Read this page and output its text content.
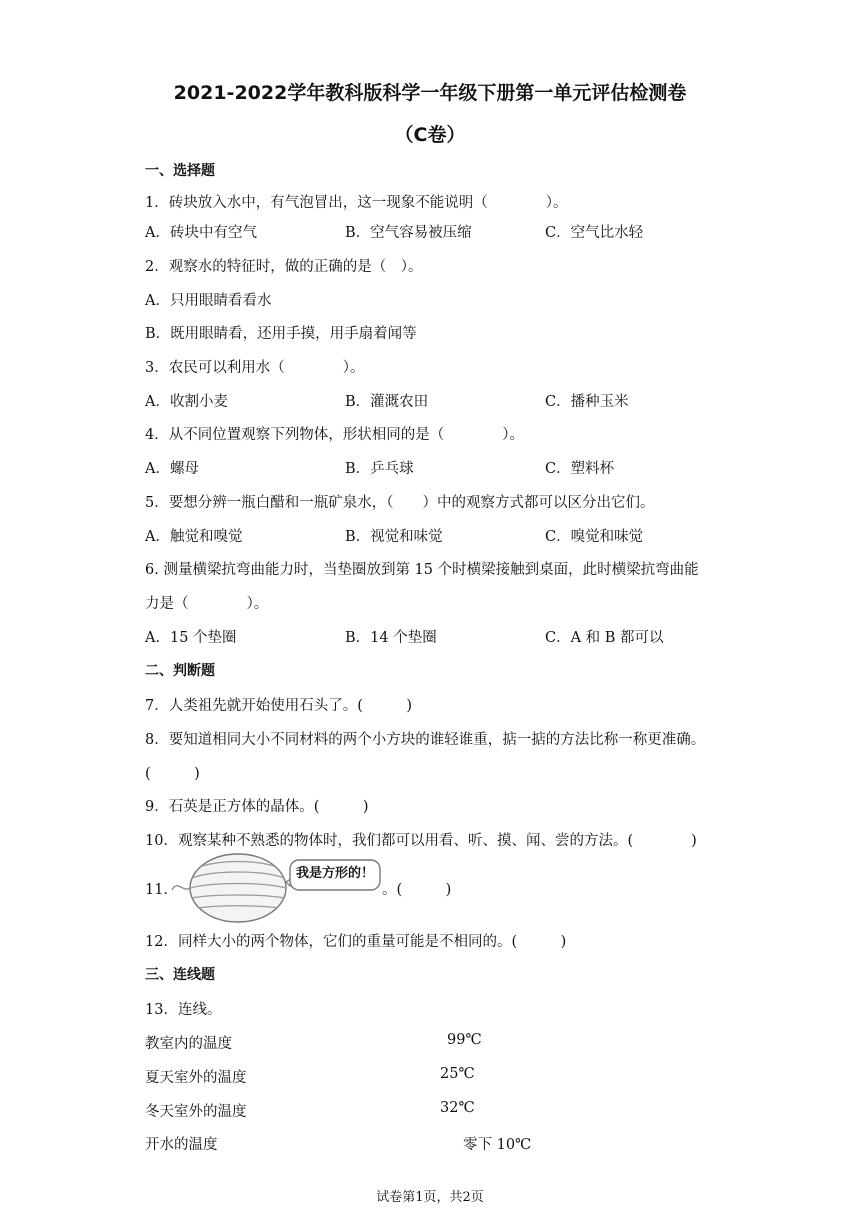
2021-2022学年教科版科学一年级下册第一单元评估检测卷
（C卷）
一、选择题
1．砖块放入水中，有气泡冒出，这一现象不能说明（　　　　）。
A．砖块中有空气	B．空气容易被压缩	C．空气比水轻
2．观察水的特征时，做的正确的是（　）。
A．只用眼睛看看水
B．既用眼睛看，还用手摸，用手扇着闻等
3．农民可以利用水（　　　　）。
A．收割小麦	B．灌溉农田	C．播种玉米
4．从不同位置观察下列物体，形状相同的是（　　　　）。
A．螺母	B．乒乓球	C．塑料杯
5．要想分辨一瓶白醋和一瓶矿泉水，（　　）中的观察方式都可以区分出它们。
A．触觉和嗅觉	B．视觉和味觉	C．嗅觉和味觉
6. 测量横梁抗弯曲能力时，当垫圈放到第 15 个时横梁接触到桌面，此时横梁抗弯曲能
力是（　　　　）。
A．15 个垫圈	B．14 个垫圈	C．A 和 B 都可以
二、判断题
7．人类祖先就开始使用石头了。(　　　)
8．要知道相同大小不同材料的两个小方块的谁轻谁重，掂一掂的方法比称一称更准确。
(　　　)
9．石英是正方体的晶体。(　　　)
10．观察某种不熟悉的物体时，我们都可以用看、听、摸、闻、尝的方法。(　　　　)
11．
我是方形的！
。(　　　)
12．同样大小的两个物体，它们的重量可能是不相同的。(　　　)
三、连线题
13．连线。
教室内的温度
夏天室外的温度
冬天室外的温度
开水的温度
99℃
25℃
32℃
零下 10℃
试卷第1页，共2页
